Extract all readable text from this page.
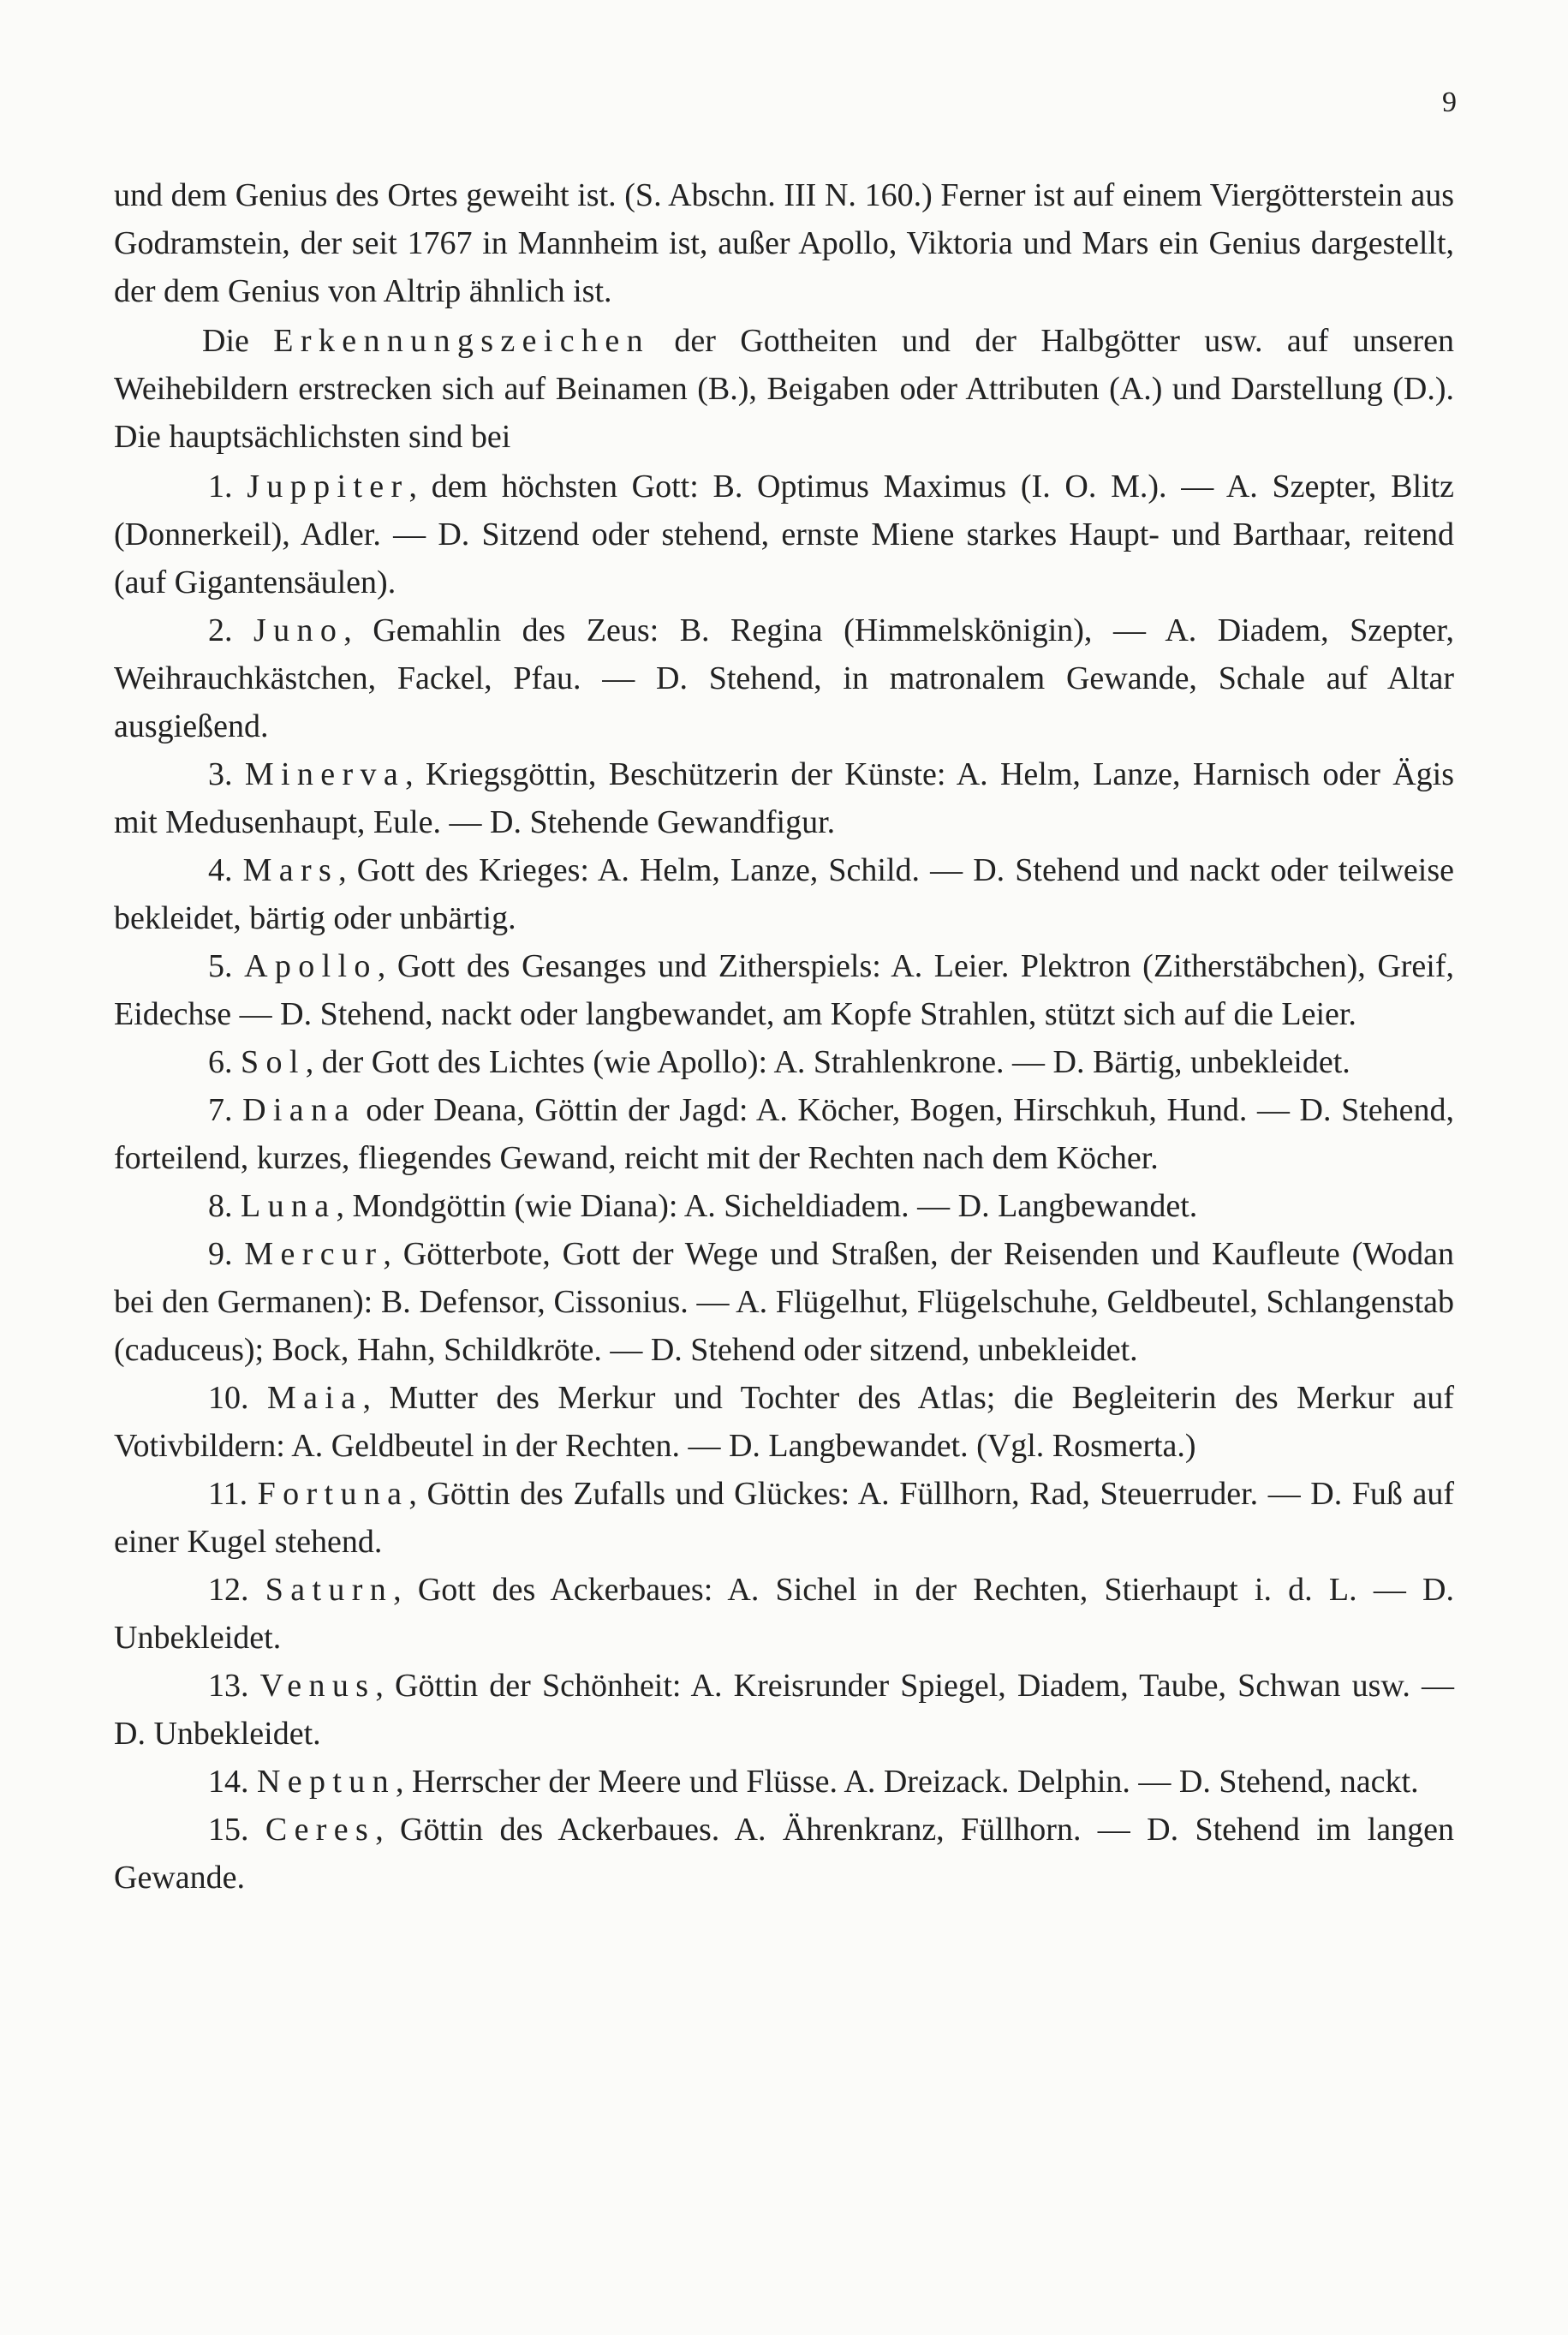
9

und dem Genius des Ortes geweiht ist. (S. Abschn. III N. 160.) Ferner ist auf einem Viergötterstein aus Godramstein, der seit 1767 in Mannheim ist, außer Apollo, Viktoria und Mars ein Genius dargestellt, der dem Genius von Altrip ähnlich ist.

Die Erkennungszeichen der Gottheiten und der Halbgötter usw. auf unseren Weihebildern erstrecken sich auf Beinamen (B.), Beigaben oder Attributen (A.) und Darstellung (D.). Die hauptsächlichsten sind bei

1. Juppiter, dem höchsten Gott: B. Optimus Maximus (I. O. M.). — A. Szepter, Blitz (Donnerkeil), Adler. — D. Sitzend oder stehend, ernste Miene starkes Haupt- und Barthaar, reitend (auf Gigantensäulen).

2. Juno, Gemahlin des Zeus: B. Regina (Himmelskönigin), — A. Diadem, Szepter, Weihrauchkästchen, Fackel, Pfau. — D. Stehend, in matronalem Gewande, Schale auf Altar ausgießend.

3. Minerva, Kriegsgöttin, Beschützerin der Künste: A. Helm, Lanze, Harnisch oder Ägis mit Medusenhaupt, Eule. — D. Stehende Gewandfigur.

4. Mars, Gott des Krieges: A. Helm, Lanze, Schild. — D. Stehend und nackt oder teilweise bekleidet, bärtig oder unbärtig.

5. Apollo, Gott des Gesanges und Zitherspiels: A. Leier. Plektron (Zitherstäbchen), Greif, Eidechse — D. Stehend, nackt oder langbewandet, am Kopfe Strahlen, stützt sich auf die Leier.

6. Sol, der Gott des Lichtes (wie Apollo): A. Strahlenkrone. — D. Bärtig, unbekleidet.

7. Diana oder Deana, Göttin der Jagd: A. Köcher, Bogen, Hirschkuh, Hund. — D. Stehend, forteilend, kurzes, fliegendes Gewand, reicht mit der Rechten nach dem Köcher.

8. Luna, Mondgöttin (wie Diana): A. Sicheldiadem. — D. Langbewandet.

9. Mercur, Götterbote, Gott der Wege und Straßen, der Reisenden und Kaufleute (Wodan bei den Germanen): B. Defensor, Cissonius. — A. Flügelhut, Flügelschuhe, Geldbeutel, Schlangenstab (caduceus); Bock, Hahn, Schildkröte. — D. Stehend oder sitzend, unbekleidet.

10. Maia, Mutter des Merkur und Tochter des Atlas; die Begleiterin des Merkur auf Votivbildern: A. Geldbeutel in der Rechten. — D. Langbewandet. (Vgl. Rosmerta.)

11. Fortuna, Göttin des Zufalls und Glückes: A. Füllhorn, Rad, Steuerruder. — D. Fuß auf einer Kugel stehend.

12. Saturn, Gott des Ackerbaues: A. Sichel in der Rechten, Stierhaupt i. d. L. — D. Unbekleidet.

13. Venus, Göttin der Schönheit: A. Kreisrunder Spiegel, Diadem, Taube, Schwan usw. — D. Unbekleidet.

14. Neptun, Herrscher der Meere und Flüsse. A. Dreizack. Delphin. — D. Stehend, nackt.

15. Ceres, Göttin des Ackerbaues. A. Ährenkranz, Füllhorn. — D. Stehend im langen Gewande.
